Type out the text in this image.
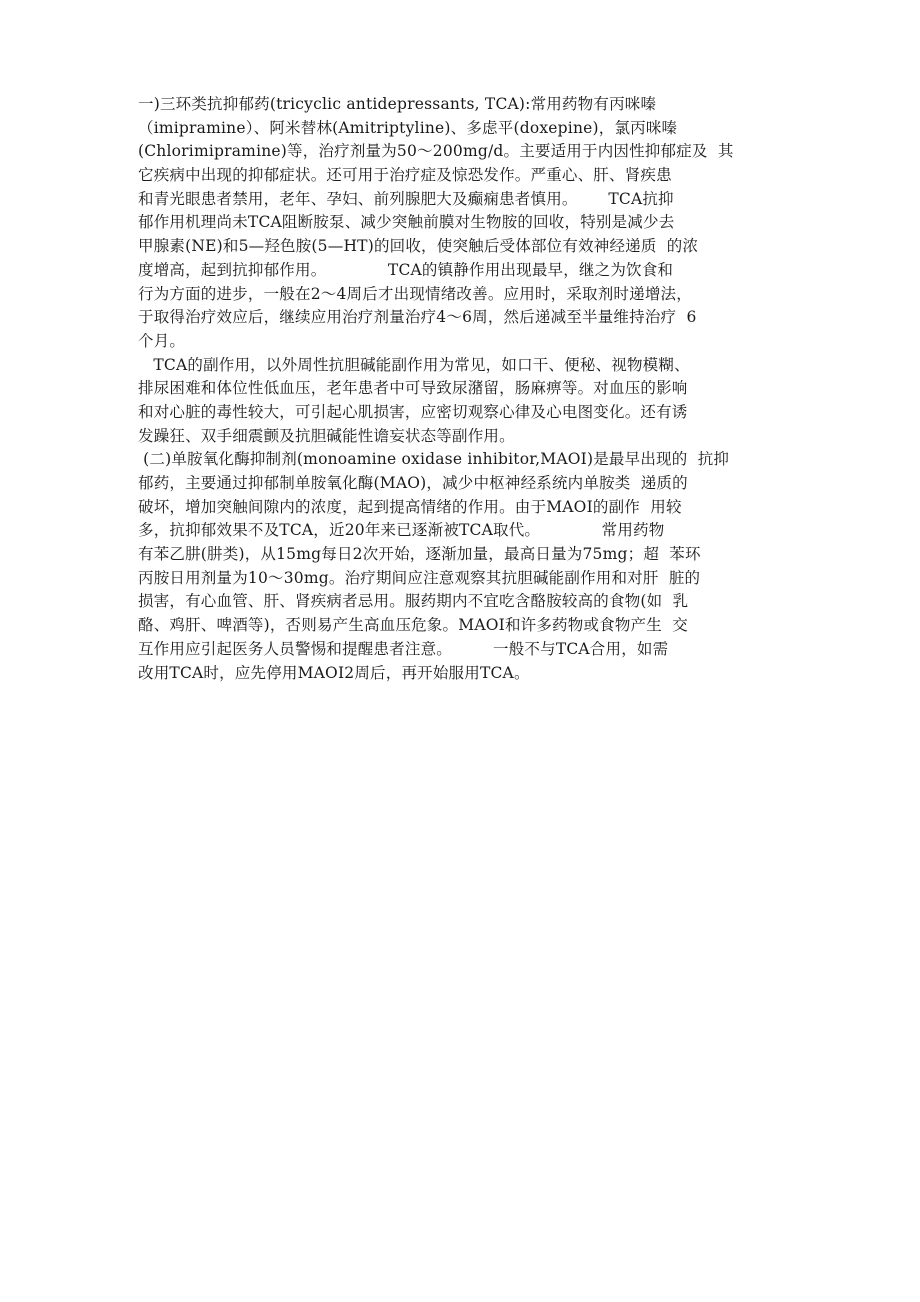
一)三环类抗抑郁药(tricyclic antidepressants, TCA):常用药物有丙咪嗪
（imipramine）、阿米替林(Amitriptyline)、多虑平(doxepine)，氯丙咪嗪
(Chlorimipramine)等，治疗剂量为50〜200mg/d。主要适用于内因性抑郁症及  其
它疾病中出现的抑郁症状。还可用于治疗症及惊恐发作。严重心、肝、肾疾患
和青光眼患者禁用，老年、孕妇、前列腺肥大及癫痫患者慎用。      TCA抗抑
郁作用机理尚未TCA阻断胺泵、减少突触前膜对生物胺的回收，特别是减少去
甲腺素(NE)和5—羟色胺(5—HT)的回收，使突触后受体部位有效神经递质  的浓
度增高，起到抗抑郁作用。            TCA的镇静作用出现最早，继之为饮食和
行为方面的进步，一般在2〜4周后才出现情绪改善。应用时，采取剂时递增法，
于取得治疗效应后，继续应用治疗剂量治疗4〜6周，然后递减至半量维持治疗  6
个月。
TCA的副作用，以外周性抗胆碱能副作用为常见，如口干、便秘、视物模糊、
排尿困难和体位性低血压，老年患者中可导致尿潴留，肠麻痹等。对血压的影响
和对心脏的毒性较大，可引起心肌损害，应密切观察心律及心电图变化。还有诱
发躁狂、双手细震颤及抗胆碱能性谵妄状态等副作用。
(二)单胺氧化酶抑制剂(monoamine oxidase inhibitor,MAOI)是最早出现的  抗抑
郁药，主要通过抑郁制单胺氧化酶(MAO)，减少中枢神经系统内单胺类  递质的
破坏，增加突触间隙内的浓度，起到提高情绪的作用。由于MAOI的副作  用较
多，抗抑郁效果不及TCA，近20年来已逐渐被TCA取代。            常用药物
有苯乙肼(肼类)，从15mg每日2次开始，逐渐加量，最高日量为75mg；超  苯环
丙胺日用剂量为10〜30mg。治疗期间应注意观察其抗胆碱能副作用和对肝  脏的
损害，有心血管、肝、肾疾病者忌用。服药期内不宜吃含酪胺较高的食物(如  乳
酪、鸡肝、啤酒等)，否则易产生高血压危象。MAOI和许多药物或食物产生  交
互作用应引起医务人员警惕和提醒患者注意。        一般不与TCA合用，如需
改用TCA时，应先停用MAOI2周后，再开始服用TCA。
